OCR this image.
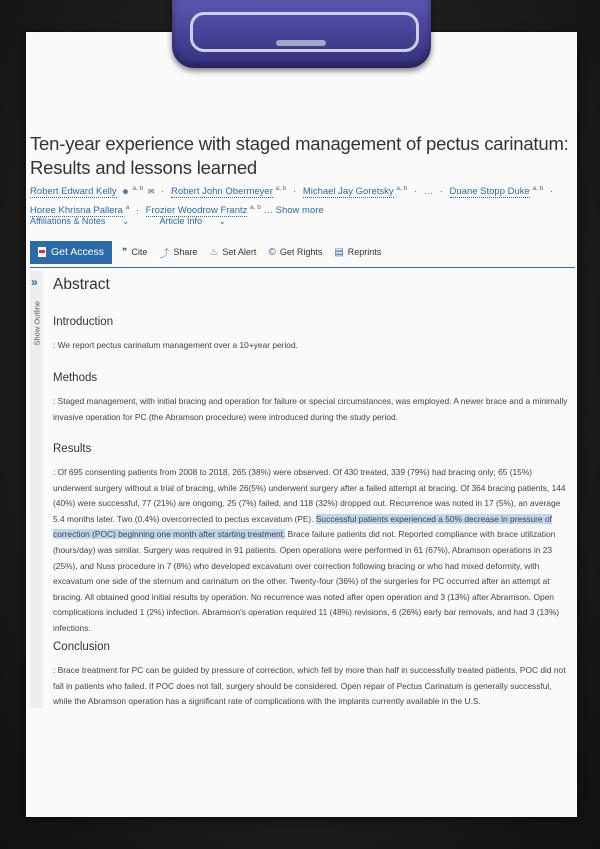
Ten-year experience with staged management of pectus carinatum: Results and lessons learned
Robert Edward Kelly ☻ $^{a, b}$ ✉ · Robert John Obermeyer $^{a, b}$ · Michael Jay Goretsky $^{a, b}$ · … · Duane Stopp Duke $^{a, b}$ ·
Horee Khrisna Pallera $^a$ · Frozier Woodrow Frantz $^{a, b}$ … Show more
Affiliations & Notes ⌄	Article Info ⌄
Get Access ❞ Cite ⤴ Share ♨ Set Alert © Get Rights ▤ Reprints
»
Show Outline
Abstract
Introduction
: We report pectus carinatum management over a 10+year period.
Methods
: Staged management, with initial bracing and operation for failure or special circumstances, was employed. A newer brace and a minimally invasive operation for PC (the Abramson procedure) were introduced during the study period.
Results
: Of 695 consenting patients from 2008 to 2018, 265 (38%) were observed. Of 430 treated, 339 (79%) had bracing only; 65 (15%) underwent surgery without a trial of bracing, while 26(5%) underwent surgery after a failed attempt at bracing. Of 364 bracing patients, 144 (40%) were successful, 77 (21%) are ongoing, 25 (7%) failed, and 118 (32%) dropped out. Recurrence was noted in 17 (5%), an average 5.4 months later. Two (0.4%) overcorrected to pectus excavatum (PE). Successful patients experienced a 50% decrease in pressure of correction (POC) beginning one month after starting treatment. Brace failure patients did not. Reported compliance with brace utilization (hours/day) was similar. Surgery was required in 91 patients. Open operations were performed in 61 (67%), Abramson operations in 23 (25%), and Nuss procedure in 7 (8%) who developed excavatum over correction following bracing or who had mixed deformity, with excavatum one side of the sternum and carinatum on the other. Twenty-four (36%) of the surgeries for PC occurred after an attempt at bracing. All obtained good initial results by operation. No recurrence was noted after open operation and 3 (13%) after Abramson. Open complications included 1 (2%) infection. Abramson's operation required 11 (48%) revisions, 6 (26%) early bar removals, and had 3 (13%) infections.
Conclusion
: Brace treatment for PC can be guided by pressure of correction, which fell by more than half in successfully treated patients. POC did not fall in patients who failed. If POC does not fall, surgery should be considered. Open repair of Pectus Carinatum is generally successful, while the Abramson operation has a significant rate of complications with the implants currently available in the U.S.
